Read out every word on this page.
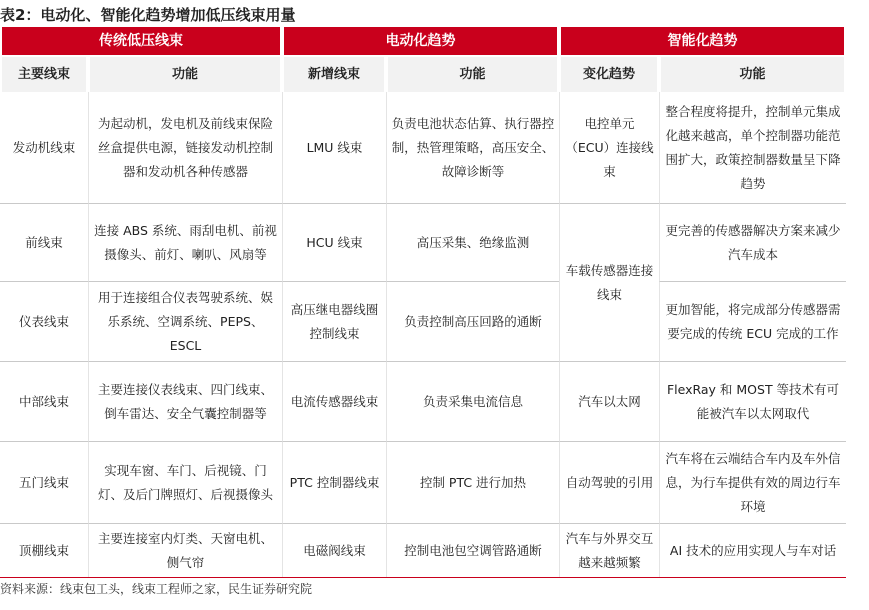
表2：电动化、智能化趋势增加低压线束用量
传统低压线束		电动化趋势		智能化趋势	
主要线束	功能	新增线束	功能	变化趋势	功能
发动机线束	为起动机，发电机及前线束保险丝盒提供电源，链接发动机控制器和发动机各种传感器	LMU 线束	负责电池状态估算、执行器控制，热管理策略，高压安全、故障诊断等	电控单元（ECU）连接线束	整合程度将提升，控制单元集成化越来越高，单个控制器功能范围扩大，政策控制器数量呈下降趋势
前线束	连接 ABS 系统、雨刮电机、前视摄像头、前灯、喇叭、风扇等	HCU 线束	高压采集、绝缘监测	车载传感器连接线束	更完善的传感器解决方案来减少汽车成本
仪表线束	用于连接组合仪表驾驶系统、娱乐系统、空调系统、PEPS、ESCL	高压继电器线圈控制线束	负责控制高压回路的通断		更加智能，将完成部分传感器需要完成的传统 ECU 完成的工作
中部线束	主要连接仪表线束、四门线束、倒车雷达、安全气囊控制器等	电流传感器线束	负责采集电流信息	汽车以太网	FlexRay 和 MOST 等技术有可能被汽车以太网取代
五门线束	实现车窗、车门、后视镜、门灯、及后门牌照灯、后视摄像头	PTC 控制器线束	控制 PTC 进行加热	自动驾驶的引用	汽车将在云端结合车内及车外信息，为行车提供有效的周边行车环境
顶棚线束	主要连接室内灯类、天窗电机、侧气帘	电磁阀线束	控制电池包空调管路通断	汽车与外界交互越来越频繁	AI 技术的应用实现人与车对话
资料来源：线束包工头，线束工程师之家，民生证券研究院
